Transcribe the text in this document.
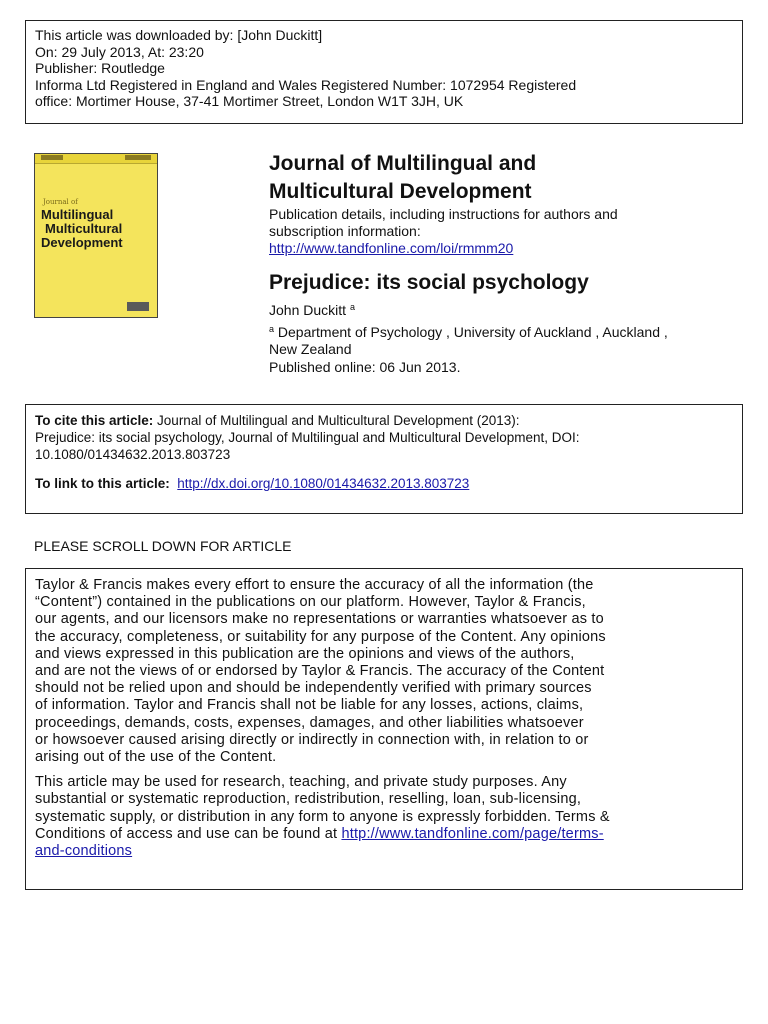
This article was downloaded by: [John Duckitt]
On: 29 July 2013, At: 23:20
Publisher: Routledge
Informa Ltd Registered in England and Wales Registered Number: 1072954 Registered
office: Mortimer House, 37-41 Mortimer Street, London W1T 3JH, UK
Journal of
Multilingual
Multicultural
Development
Journal of Multilingual and
Multicultural Development
Publication details, including instructions for authors and
subscription information:
http://www.tandfonline.com/loi/rmmm20
Prejudice: its social psychology
John Duckitt $^a$
$^a$ Department of Psychology , University of Auckland , Auckland ,
New Zealand
Published online: 06 Jun 2013.
To cite this article: Journal of Multilingual and Multicultural Development (2013):
Prejudice: its social psychology, Journal of Multilingual and Multicultural Development, DOI:
10.1080/01434632.2013.803723
To link to this article: http://dx.doi.org/10.1080/01434632.2013.803723
PLEASE SCROLL DOWN FOR ARTICLE
Taylor & Francis makes every effort to ensure the accuracy of all the information (the
“Content”) contained in the publications on our platform. However, Taylor & Francis,
our agents, and our licensors make no representations or warranties whatsoever as to
the accuracy, completeness, or suitability for any purpose of the Content. Any opinions
and views expressed in this publication are the opinions and views of the authors,
and are not the views of or endorsed by Taylor & Francis. The accuracy of the Content
should not be relied upon and should be independently verified with primary sources
of information. Taylor and Francis shall not be liable for any losses, actions, claims,
proceedings, demands, costs, expenses, damages, and other liabilities whatsoever
or howsoever caused arising directly or indirectly in connection with, in relation to or
arising out of the use of the Content.
This article may be used for research, teaching, and private study purposes. Any
substantial or systematic reproduction, redistribution, reselling, loan, sub-licensing,
systematic supply, or distribution in any form to anyone is expressly forbidden. Terms &
Conditions of access and use can be found at http://www.tandfonline.com/page/terms-
and-conditions
